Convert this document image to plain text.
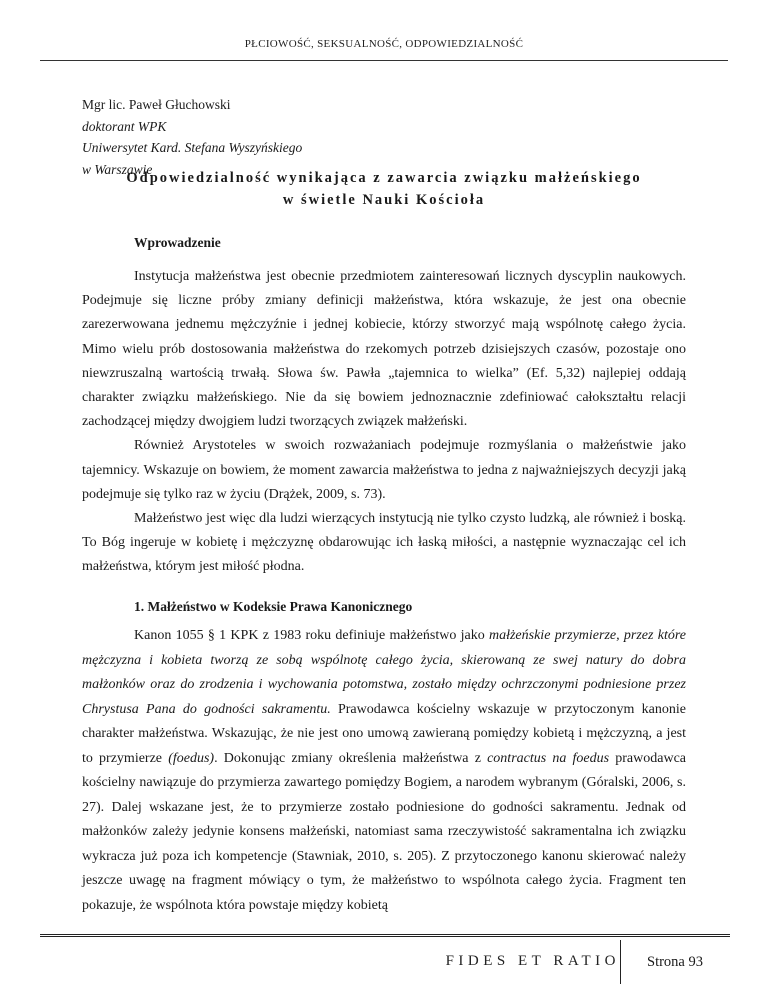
PŁCIOWOŚĆ, SEKSUALNOŚĆ, ODPOWIEDZIALNOŚĆ
Mgr lic. Paweł Głuchowski
doktorant WPK
Uniwersytet Kard. Stefana Wyszyńskiego
w Warszawie
Odpowiedzialność wynikająca z zawarcia związku małżeńskiego
w świetle Nauki Kościoła
Wprowadzenie

Instytucja małżeństwa jest obecnie przedmiotem zainteresowań licznych dyscyplin naukowych. Podejmuje się liczne próby zmiany definicji małżeństwa, która wskazuje, że jest ona obecnie zarezerwowana jednemu mężczyźnie i jednej kobiecie, którzy stworzyć mają wspólnotę całego życia. Mimo wielu prób dostosowania małżeństwa do rzekomych potrzeb dzisiejszych czasów, pozostaje ono niewzruszalną wartością trwałą. Słowa św. Pawła „tajemnica to wielka” (Ef. 5,32) najlepiej oddają charakter związku małżeńskiego. Nie da się bowiem jednoznacznie zdefiniować całokształtu relacji zachodzącej między dwojgiem ludzi tworzących związek małżeński.

Również Arystoteles w swoich rozważaniach podejmuje rozmyślania o małżeństwie jako tajemnicy. Wskazuje on bowiem, że moment zawarcia małżeństwa to jedna z najważniejszych decyzji jaką podejmuje się tylko raz w życiu (Drążek, 2009, s. 73).

Małżeństwo jest więc dla ludzi wierzących instytucją nie tylko czysto ludzką, ale również i boską. To Bóg ingeruje w kobietę i mężczyznę obdarowując ich łaską miłości, a następnie wyznaczając cel ich małżeństwa, którym jest miłość płodna.

1. Małżeństwo w Kodeksie Prawa Kanonicznego

Kanon 1055 § 1 KPK z 1983 roku definiuje małżeństwo jako małżeńskie przymierze, przez które mężczyzna i kobieta tworzą ze sobą wspólnotę całego życia, skierowaną ze swej natury do dobra małżonków oraz do zrodzenia i wychowania potomstwa, zostało między ochrzczonymi podniesione przez Chrystusa Pana do godności sakramentu. Prawodawca kościelny wskazuje w przytoczonym kanonie charakter małżeństwa. Wskazując, że nie jest ono umową zawieraną pomiędzy kobietą i mężczyzną, a jest to przymierze (foedus). Dokonując zmiany określenia małżeństwa z contractus na foedus prawodawca kościelny nawiązuje do przymierza zawartego pomiędzy Bogiem, a narodem wybranym (Góralski, 2006, s. 27). Dalej wskazane jest, że to przymierze zostało podniesione do godności sakramentu. Jednak od małżonków zależy jedynie konsens małżeński, natomiast sama rzeczywistość sakramentalna ich związku wykracza już poza ich kompetencje (Stawniak, 2010, s. 205). Z przytoczonego kanonu skierować należy jeszcze uwagę na fragment mówiący o tym, że małżeństwo to wspólnota całego życia. Fragment ten pokazuje, że wspólnota która powstaje między kobietą

FIDES ET RATIO	Strona 93
